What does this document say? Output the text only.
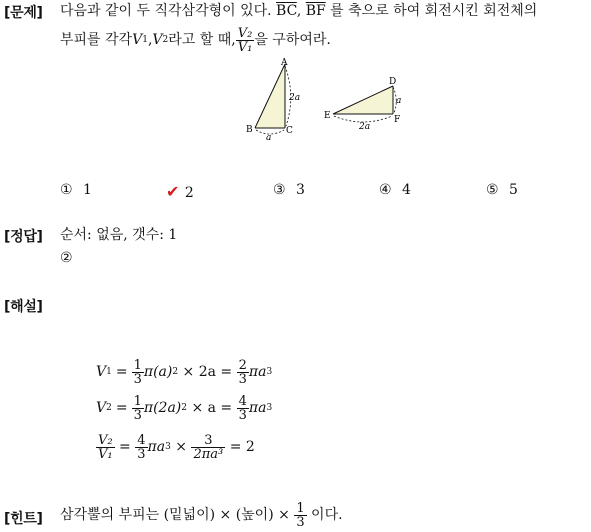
[문제] 다음과 같이 두 직각삼각형이 있다. $\overline{BC}$, $\overline{BF}$ 를 축으로 하여 회전시킨 회전체의
부피를 각각 V 1 , V 2 라고 할 때, $\frac{\text{V₂}}{\text{V₁}}$ 을 구하여라.
A
B	C
2a
a
D
E	F
a
2a
① 1	✔ 2	③ 3	④ 4	⑤ 5
[정답] 순서: 없음, 갯수: 1
②
[해설]
V $1 = \frac{1}{3} \pi(a) 2 \times 2a = \frac{2}{3}$ πa 3
V $2 = \frac{1}{3} \pi(2a) 2 \times a = \frac{4}{3}$ πa 3
$\frac{\text{V₂}}{\text{V₁}} = \frac{4}{3}$ πa $3 \times \frac{3}{\text{2πa³}} = 2$
[힌트] 삼각뿔의 부피는 (밑넓이) × (높이) × $\frac{1}{3}$ 이다.
